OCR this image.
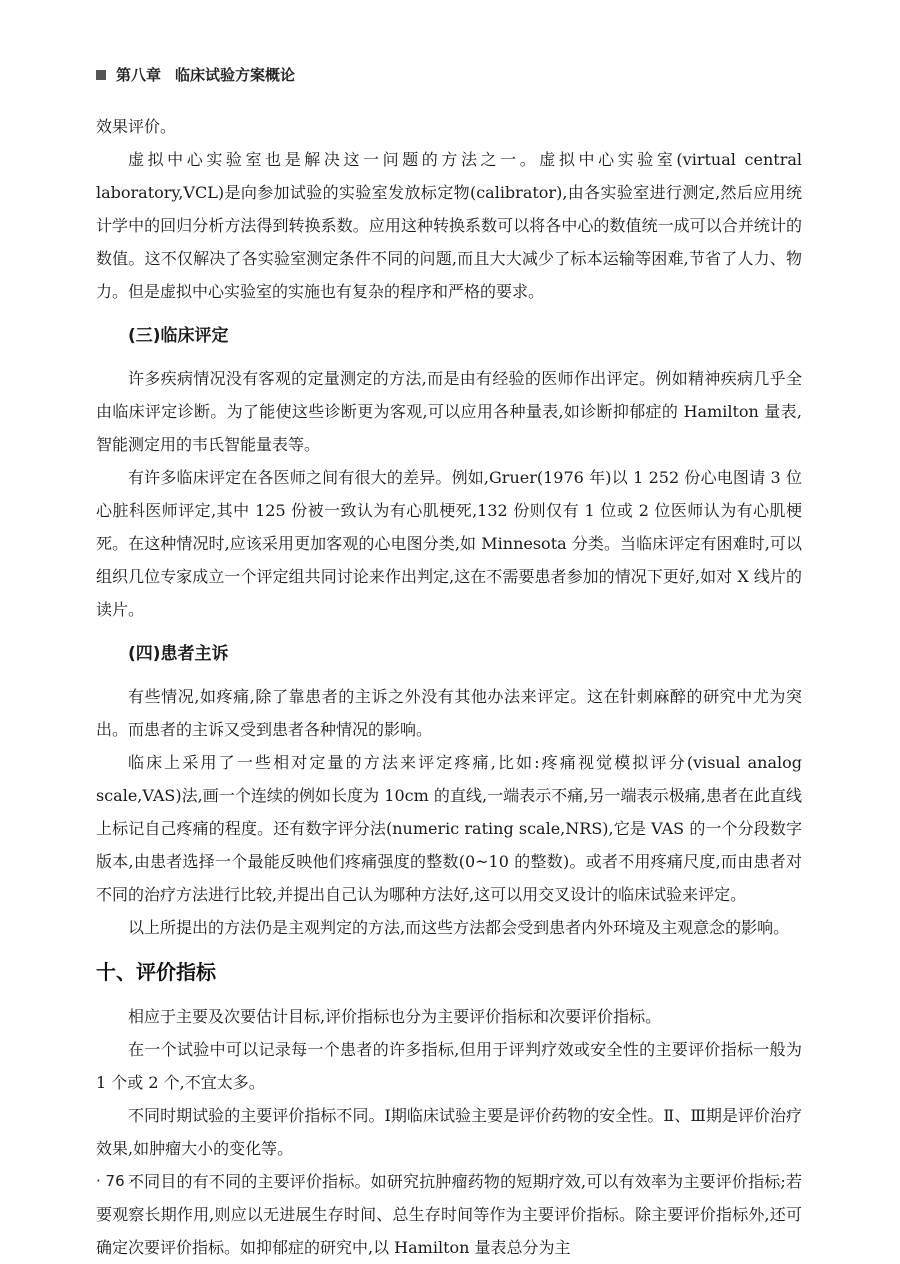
第八章 临床试验方案概论

效果评价。

虚拟中心实验室也是解决这一问题的方法之一。虚拟中心实验室(virtual central laboratory,VCL)是向参加试验的实验室发放标定物(calibrator),由各实验室进行测定,然后应用统计学中的回归分析方法得到转换系数。应用这种转换系数可以将各中心的数值统一成可以合并统计的数值。这不仅解决了各实验室测定条件不同的问题,而且大大减少了标本运输等困难,节省了人力、物力。但是虚拟中心实验室的实施也有复杂的程序和严格的要求。

(三)临床评定

许多疾病情况没有客观的定量测定的方法,而是由有经验的医师作出评定。例如精神疾病几乎全由临床评定诊断。为了能使这些诊断更为客观,可以应用各种量表,如诊断抑郁症的 Hamilton 量表,智能测定用的韦氏智能量表等。

有许多临床评定在各医师之间有很大的差异。例如,Gruer(1976 年)以 1 252 份心电图请 3 位心脏科医师评定,其中 125 份被一致认为有心肌梗死,132 份则仅有 1 位或 2 位医师认为有心肌梗死。在这种情况时,应该采用更加客观的心电图分类,如 Minnesota 分类。当临床评定有困难时,可以组织几位专家成立一个评定组共同讨论来作出判定,这在不需要患者参加的情况下更好,如对 X 线片的读片。

(四)患者主诉

有些情况,如疼痛,除了靠患者的主诉之外没有其他办法来评定。这在针刺麻醉的研究中尤为突出。而患者的主诉又受到患者各种情况的影响。

临床上采用了一些相对定量的方法来评定疼痛,比如:疼痛视觉模拟评分(visual analog scale,VAS)法,画一个连续的例如长度为 10cm 的直线,一端表示不痛,另一端表示极痛,患者在此直线上标记自己疼痛的程度。还有数字评分法(numeric rating scale,NRS),它是 VAS 的一个分段数字版本,由患者选择一个最能反映他们疼痛强度的整数(0~10 的整数)。或者不用疼痛尺度,而由患者对不同的治疗方法进行比较,并提出自己认为哪种方法好,这可以用交叉设计的临床试验来评定。

以上所提出的方法仍是主观判定的方法,而这些方法都会受到患者内外环境及主观意念的影响。

十、评价指标

相应于主要及次要估计目标,评价指标也分为主要评价指标和次要评价指标。

在一个试验中可以记录每一个患者的许多指标,但用于评判疗效或安全性的主要评价指标一般为 1 个或 2 个,不宜太多。

不同时期试验的主要评价指标不同。Ⅰ期临床试验主要是评价药物的安全性。Ⅱ、Ⅲ期是评价治疗效果,如肿瘤大小的变化等。

不同目的有不同的主要评价指标。如研究抗肿瘤药物的短期疗效,可以有效率为主要评价指标;若要观察长期作用,则应以无进展生存时间、总生存时间等作为主要评价指标。除主要评价指标外,还可确定次要评价指标。如抑郁症的研究中,以 Hamilton 量表总分为主

· 76 ·
